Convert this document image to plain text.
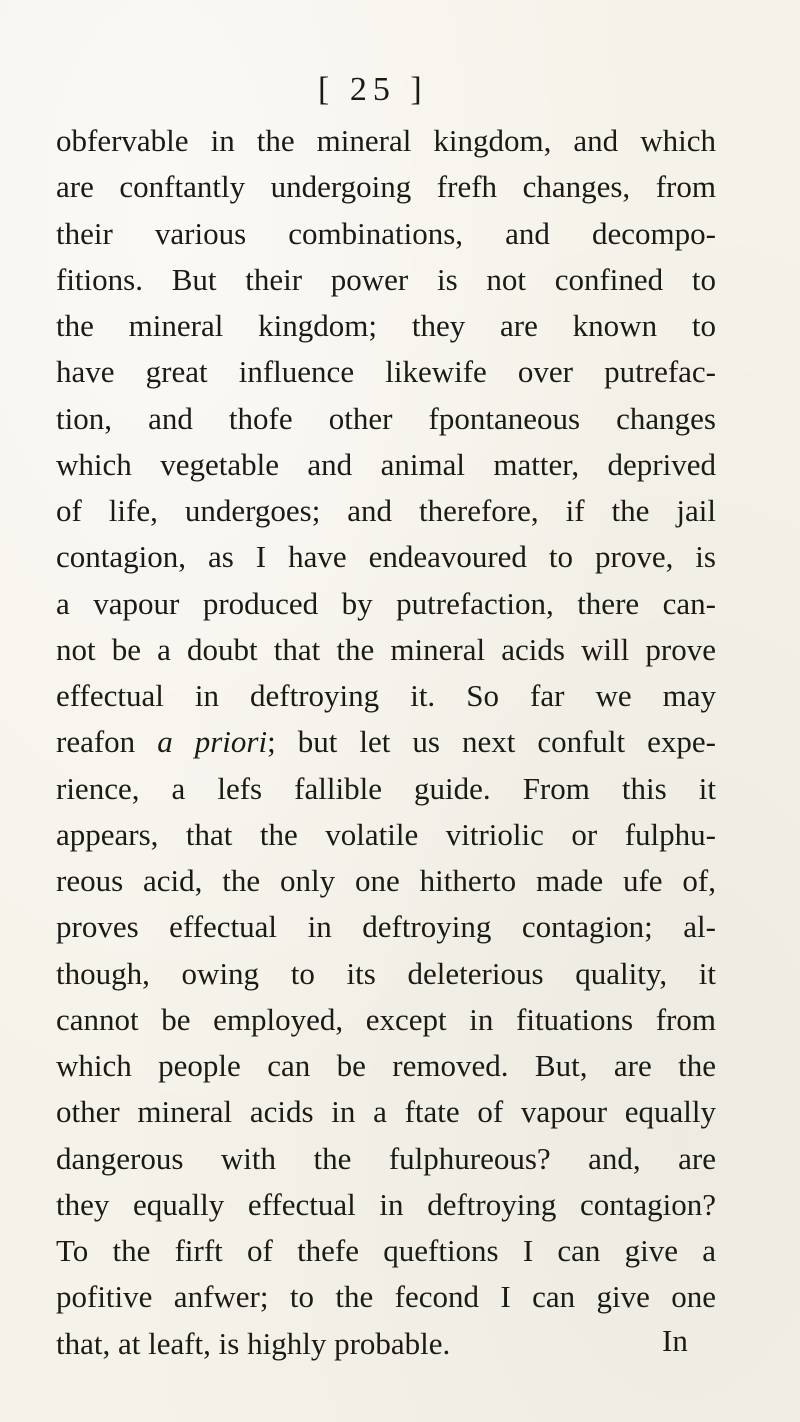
[ 25 ]
obfervable in the mineral kingdom, and which
are conftantly undergoing frefh changes, from
their various combinations, and decompo-
fitions. But their power is not confined to
the mineral kingdom; they are known to
have great influence likewife over putrefac-
tion, and thofe other fpontaneous changes
which vegetable and animal matter, deprived
of life, undergoes; and therefore, if the jail
contagion, as I have endeavoured to prove, is
a vapour produced by putrefaction, there can-
not be a doubt that the mineral acids will prove
effectual in deftroying it. So far we may
reafon a priori; but let us next confult expe-
rience, a lefs fallible guide. From this it
appears, that the volatile vitriolic or fulphu-
reous acid, the only one hitherto made ufe of,
proves effectual in deftroying contagion; al-
though, owing to its deleterious quality, it
cannot be employed, except in fituations from
which people can be removed. But, are the
other mineral acids in a ftate of vapour equally
dangerous with the fulphureous? and, are
they equally effectual in deftroying contagion?
To the firft of thefe queftions I can give a
pofitive anfwer; to the fecond I can give one
that, at leaft, is highly probable.	In
